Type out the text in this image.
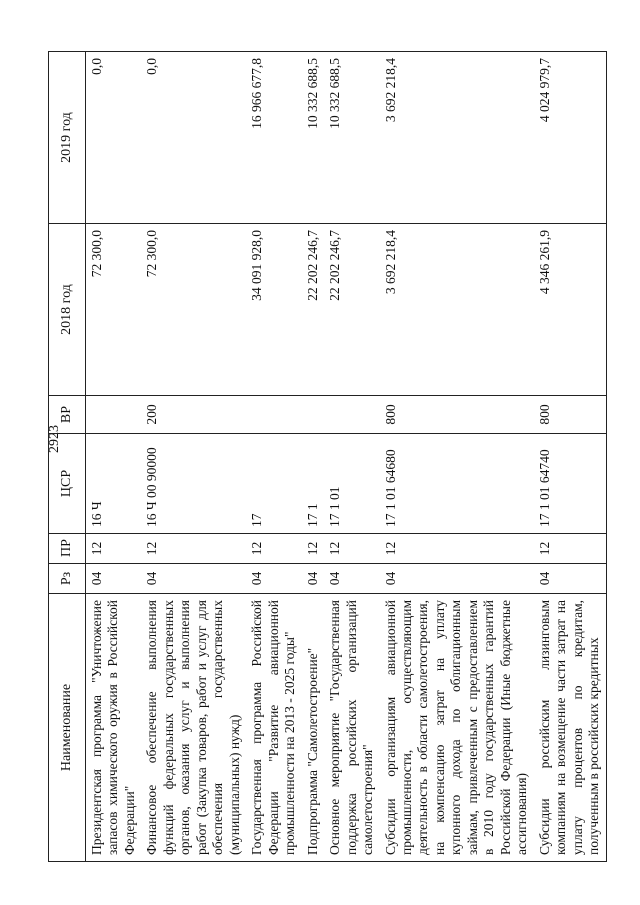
2923
Наименование	Рз	ПР	ЦСР	ВР	2018 год	2019 год
Президентская программа "Уничтожение запасов химического оружия в Российской Федерации"	04	12	16 Ч		72 300,0	0,0
Финансовое обеспечение выполнения функций федеральных государственных органов, оказания услуг и выполнения работ (Закупка товаров, работ и услуг для обеспечения государственных (муниципальных) нужд)	04	12	16 Ч 00 90000	200	72 300,0	0,0
Государственная программа Российской Федерации "Развитие авиационной промышленности на 2013 - 2025 годы"	04	12	17		34 091 928,0	16 966 677,8
Подпрограмма "Самолетостроение"	04	12	17 1		22 202 246,7	10 332 688,5
Основное мероприятие "Государственная поддержка российских организаций самолетостроения"	04	12	17 1 01		22 202 246,7	10 332 688,5
Субсидии организациям авиационной промышленности, осуществляющим деятельность в области самолетостроения, на компенсацию затрат на уплату купонного дохода по облигационным займам, привлеченным с предоставлением в 2010 году государственных гарантий Российской Федерации (Иные бюджетные ассигнования)	04	12	17 1 01 64680	800	3 692 218,4	3 692 218,4
Субсидии российским лизинговым компаниям на возмещение части затрат на уплату процентов по кредитам, полученным в российских кредитных	04	12	17 1 01 64740	800	4 346 261,9	4 024 979,7
